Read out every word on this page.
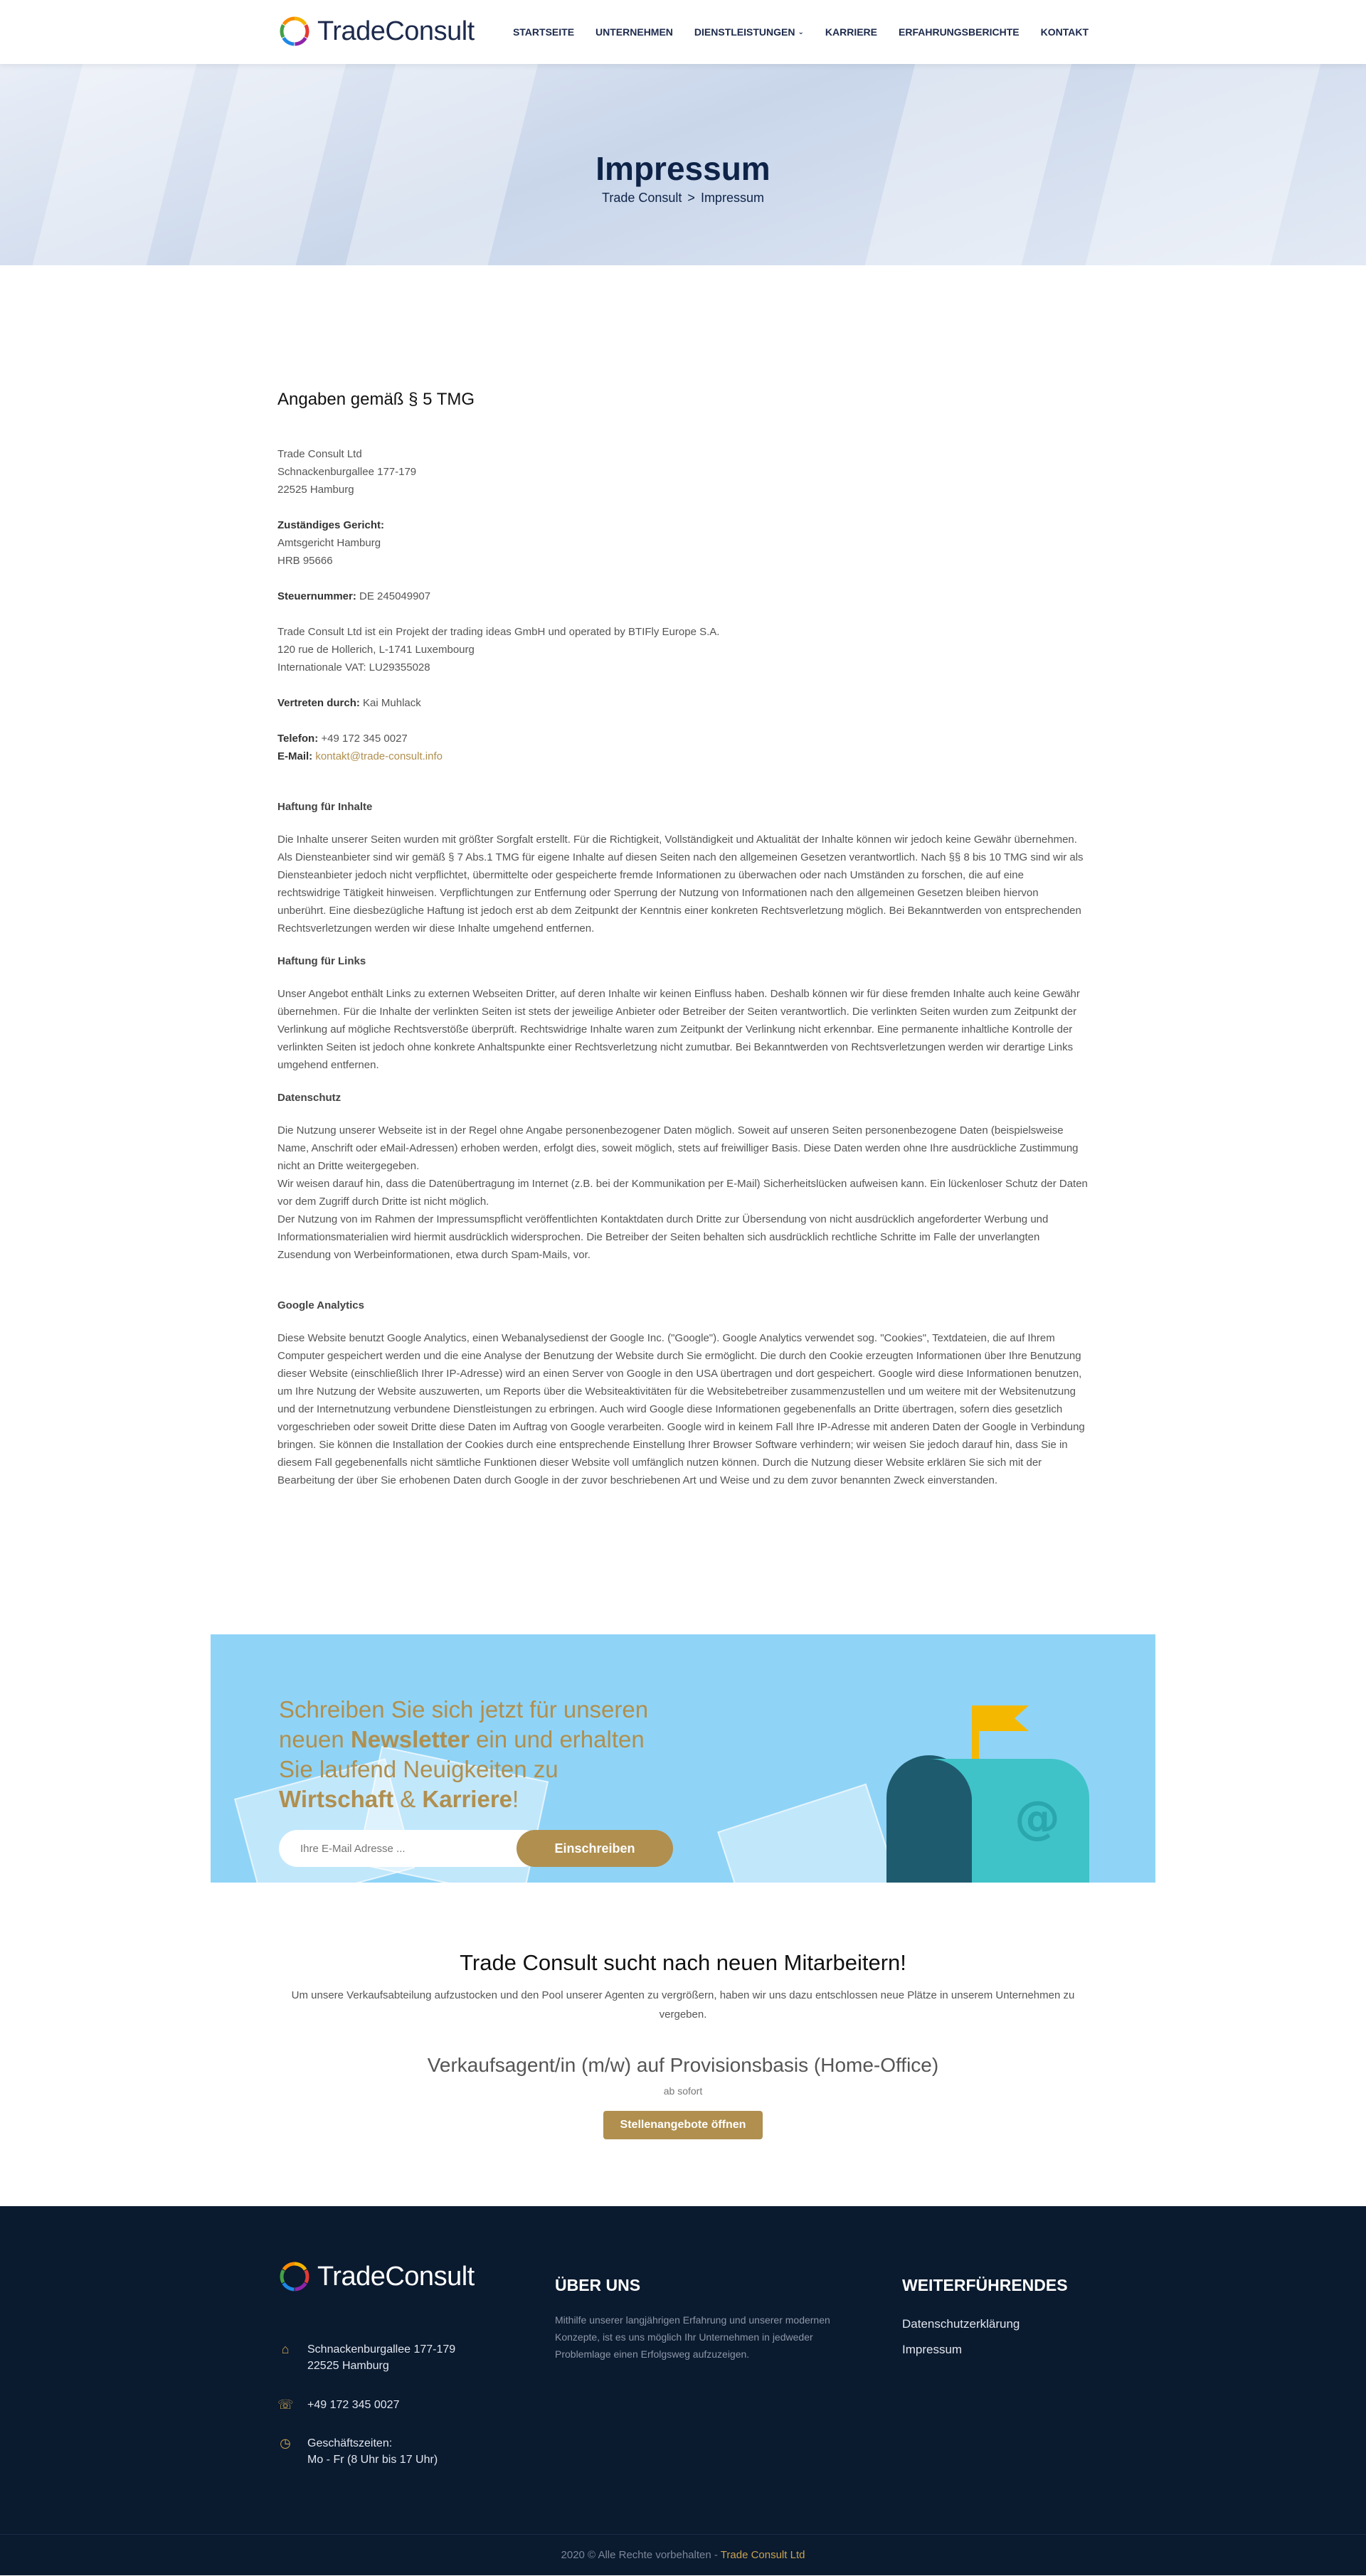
TradeConsult	STARTSEITE UNTERNEHMEN DIENSTLEISTUNGEN ⌄ KARRIERE ERFAHRUNGSBERICHTE KONTAKT
Impressum
Trade Consult > Impressum
Angaben gemäß § 5 TMG

Trade Consult Ltd
Schnackenburgallee 177-179
22525 Hamburg

Zuständiges Gericht:
Amtsgericht Hamburg
HRB 95666

Steuernummer: DE 245049907

Trade Consult Ltd ist ein Projekt der trading ideas GmbH und operated by BTIFly Europe S.A.
120 rue de Hollerich, L-1741 Luxembourg
Internationale VAT: LU29355028

Vertreten durch: Kai Muhlack

Telefon: +49 172 345 0027
E-Mail: kontakt@trade-consult.info

Haftung für Inhalte

Die Inhalte unserer Seiten wurden mit größter Sorgfalt erstellt. Für die Richtigkeit, Vollständigkeit und Aktualität der Inhalte können wir jedoch keine Gewähr übernehmen. Als Diensteanbieter sind wir gemäß § 7 Abs.1 TMG für eigene Inhalte auf diesen Seiten nach den allgemeinen Gesetzen verantwortlich. Nach §§ 8 bis 10 TMG sind wir als Diensteanbieter jedoch nicht verpflichtet, übermittelte oder gespeicherte fremde Informationen zu überwachen oder nach Umständen zu forschen, die auf eine rechtswidrige Tätigkeit hinweisen. Verpflichtungen zur Entfernung oder Sperrung der Nutzung von Informationen nach den allgemeinen Gesetzen bleiben hiervon unberührt. Eine diesbezügliche Haftung ist jedoch erst ab dem Zeitpunkt der Kenntnis einer konkreten Rechtsverletzung möglich. Bei Bekanntwerden von entsprechenden Rechtsverletzungen werden wir diese Inhalte umgehend entfernen.

Haftung für Links

Unser Angebot enthält Links zu externen Webseiten Dritter, auf deren Inhalte wir keinen Einfluss haben. Deshalb können wir für diese fremden Inhalte auch keine Gewähr übernehmen. Für die Inhalte der verlinkten Seiten ist stets der jeweilige Anbieter oder Betreiber der Seiten verantwortlich. Die verlinkten Seiten wurden zum Zeitpunkt der Verlinkung auf mögliche Rechtsverstöße überprüft. Rechtswidrige Inhalte waren zum Zeitpunkt der Verlinkung nicht erkennbar. Eine permanente inhaltliche Kontrolle der verlinkten Seiten ist jedoch ohne konkrete Anhaltspunkte einer Rechtsverletzung nicht zumutbar. Bei Bekanntwerden von Rechtsverletzungen werden wir derartige Links umgehend entfernen.

Datenschutz

Die Nutzung unserer Webseite ist in der Regel ohne Angabe personenbezogener Daten möglich. Soweit auf unseren Seiten personenbezogene Daten (beispielsweise Name, Anschrift oder eMail-Adressen) erhoben werden, erfolgt dies, soweit möglich, stets auf freiwilliger Basis. Diese Daten werden ohne Ihre ausdrückliche Zustimmung nicht an Dritte weitergegeben.
Wir weisen darauf hin, dass die Datenübertragung im Internet (z.B. bei der Kommunikation per E-Mail) Sicherheitslücken aufweisen kann. Ein lückenloser Schutz der Daten vor dem Zugriff durch Dritte ist nicht möglich.
Der Nutzung von im Rahmen der Impressumspflicht veröffentlichten Kontaktdaten durch Dritte zur Übersendung von nicht ausdrücklich angeforderter Werbung und Informationsmaterialien wird hiermit ausdrücklich widersprochen. Die Betreiber der Seiten behalten sich ausdrücklich rechtliche Schritte im Falle der unverlangten Zusendung von Werbeinformationen, etwa durch Spam-Mails, vor.

Google Analytics

Diese Website benutzt Google Analytics, einen Webanalysedienst der Google Inc. ("Google"). Google Analytics verwendet sog. "Cookies", Textdateien, die auf Ihrem Computer gespeichert werden und die eine Analyse der Benutzung der Website durch Sie ermöglicht. Die durch den Cookie erzeugten Informationen über Ihre Benutzung dieser Website (einschließlich Ihrer IP-Adresse) wird an einen Server von Google in den USA übertragen und dort gespeichert. Google wird diese Informationen benutzen, um Ihre Nutzung der Website auszuwerten, um Reports über die Websiteaktivitäten für die Websitebetreiber zusammenzustellen und um weitere mit der Websitenutzung und der Internetnutzung verbundene Dienstleistungen zu erbringen. Auch wird Google diese Informationen gegebenenfalls an Dritte übertragen, sofern dies gesetzlich vorgeschrieben oder soweit Dritte diese Daten im Auftrag von Google verarbeiten. Google wird in keinem Fall Ihre IP-Adresse mit anderen Daten der Google in Verbindung bringen. Sie können die Installation der Cookies durch eine entsprechende Einstellung Ihrer Browser Software verhindern; wir weisen Sie jedoch darauf hin, dass Sie in diesem Fall gegebenenfalls nicht sämtliche Funktionen dieser Website voll umfänglich nutzen können. Durch die Nutzung dieser Website erklären Sie sich mit der Bearbeitung der über Sie erhobenen Daten durch Google in der zuvor beschriebenen Art und Weise und zu dem zuvor benannten Zweck einverstanden.

Schreiben Sie sich jetzt für unseren neuen Newsletter ein und erhalten Sie laufend Neuigkeiten zu Wirtschaft & Karriere!
Ihre E-Mail Adresse ...
Einschreiben
@
Trade Consult sucht nach neuen Mitarbeitern!

Um unsere Verkaufsabteilung aufzustocken und den Pool unserer Agenten zu vergrößern, haben wir uns dazu entschlossen neue Plätze in unserem Unternehmen zu vergeben.

Verkaufsagent/in (m/w) auf Provisionsbasis (Home-Office)
ab sofort
Stellenangebote öffnen
TradeConsult
⌂	Schnackenburgallee 177-179
22525 Hamburg
☏ +49 172 345 0027
◷ Geschäftszeiten:
Mo - Fr (8 Uhr bis 17 Uhr)
ÜBER UNS

Mithilfe unserer langjährigen Erfahrung und unserer modernen Konzepte, ist es uns möglich Ihr Unternehmen in jedweder Problemlage einen Erfolgsweg aufzuzeigen.

WEITERFÜHRENDES
Datenschutzerklärung
Impressum
2020 © Alle Rechte vorbehalten - Trade Consult Ltd
